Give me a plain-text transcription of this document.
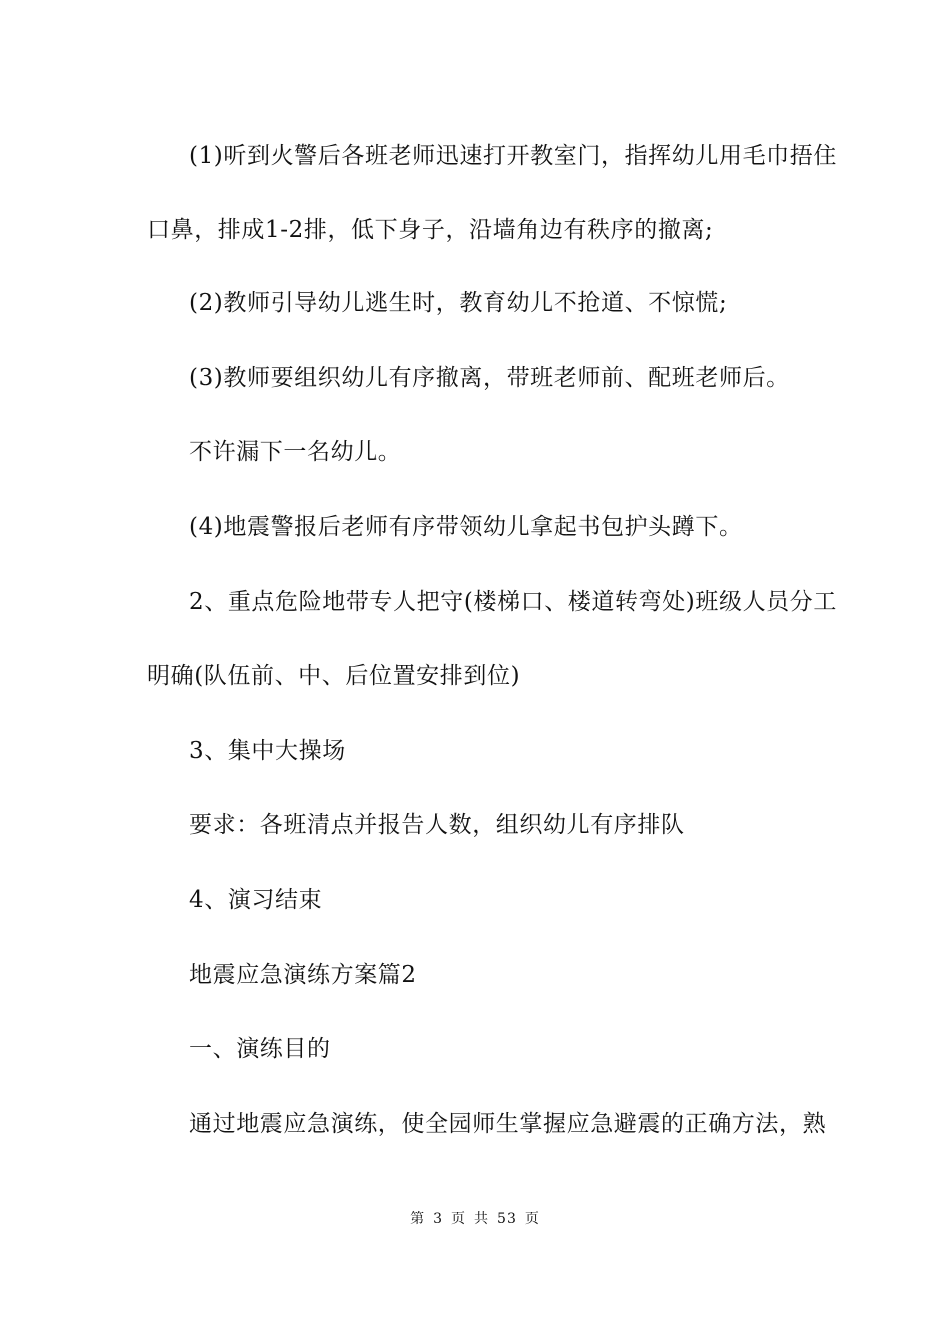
(1)听到火警后各班老师迅速打开教室门，指挥幼儿用毛巾捂住
口鼻，排成1-2排，低下身子，沿墙角边有秩序的撤离;
(2)教师引导幼儿逃生时，教育幼儿不抢道、不惊慌;
(3)教师要组织幼儿有序撤离，带班老师前、配班老师后。
不许漏下一名幼儿。
(4)地震警报后老师有序带领幼儿拿起书包护头蹲下。
2、重点危险地带专人把守(楼梯口、楼道转弯处)班级人员分工
明确(队伍前、中、后位置安排到位)
3、集中大操场
要求：各班清点并报告人数，组织幼儿有序排队
4、演习结束
地震应急演练方案篇2
一、演练目的
通过地震应急演练，使全园师生掌握应急避震的正确方法，熟
第 3 页 共 53 页
